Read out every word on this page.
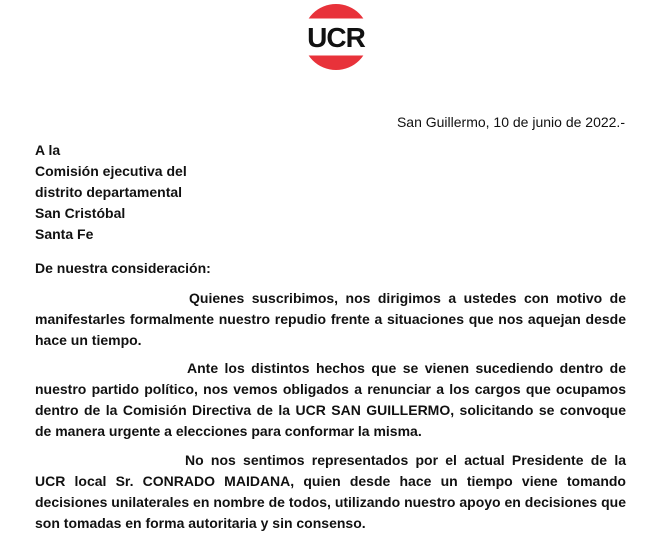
UCR
San Guillermo, 10 de junio de 2022.-
A la
Comisión ejecutiva del
distrito departamental
San Cristóbal
Santa Fe
De nuestra consideración:
Quienes suscribimos, nos dirigimos a ustedes con motivo de manifestarles formalmente nuestro repudio frente a situaciones que nos aquejan desde hace un tiempo.
Ante los distintos hechos que se vienen sucediendo dentro de nuestro partido político, nos vemos obligados a renunciar a los cargos que ocupamos dentro de la Comisión Directiva de la UCR SAN GUILLERMO, solicitando se convoque de manera urgente a elecciones para conformar la misma.
No nos sentimos representados por el actual Presidente de la UCR local Sr. CONRADO MAIDANA, quien desde hace un tiempo viene tomando decisiones unilaterales en nombre de todos, utilizando nuestro apoyo en decisiones que son tomadas en forma autoritaria y sin consenso.
